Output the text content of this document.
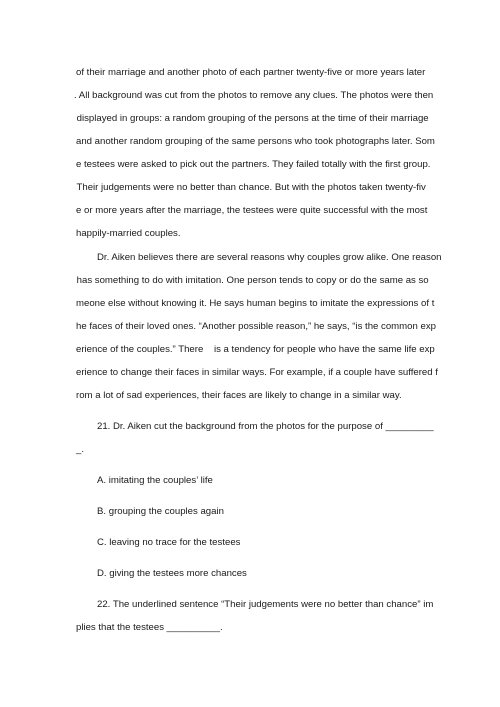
of their marriage and another photo of each partner twenty-five or more years later
. All background was cut from the photos to remove any clues. The photos were then
displayed in groups: a random grouping of the persons at the time of their marriage
and another random grouping of the same persons who took photographs later. Som
e testees were asked to pick out the partners. They failed totally with the first group.
Their judgements were no better than chance. But with the photos taken twenty-fiv
e or more years after the marriage, the testees were quite successful with the most
happily-married couples.
Dr. Aiken believes there are several reasons why couples grow alike. One reason
has something to do with imitation. One person tends to copy or do the same as so
meone else without knowing it. He says human begins to imitate the expressions of t
he faces of their loved ones. “Another possible reason,” he says, “is the common exp
erience of the couples.” There    is a tendency for people who have the same life exp
erience to change their faces in similar ways. For example, if a couple have suffered f
rom a lot of sad experiences, their faces are likely to change in a similar way.
21. Dr. Aiken cut the background from the photos for the purpose of _________
_.
A. imitating the couples’ life
B. grouping the couples again
C. leaving no trace for the testees
D. giving the testees more chances
22. The underlined sentence “Their judgements were no better than chance” im
plies that the testees __________.
